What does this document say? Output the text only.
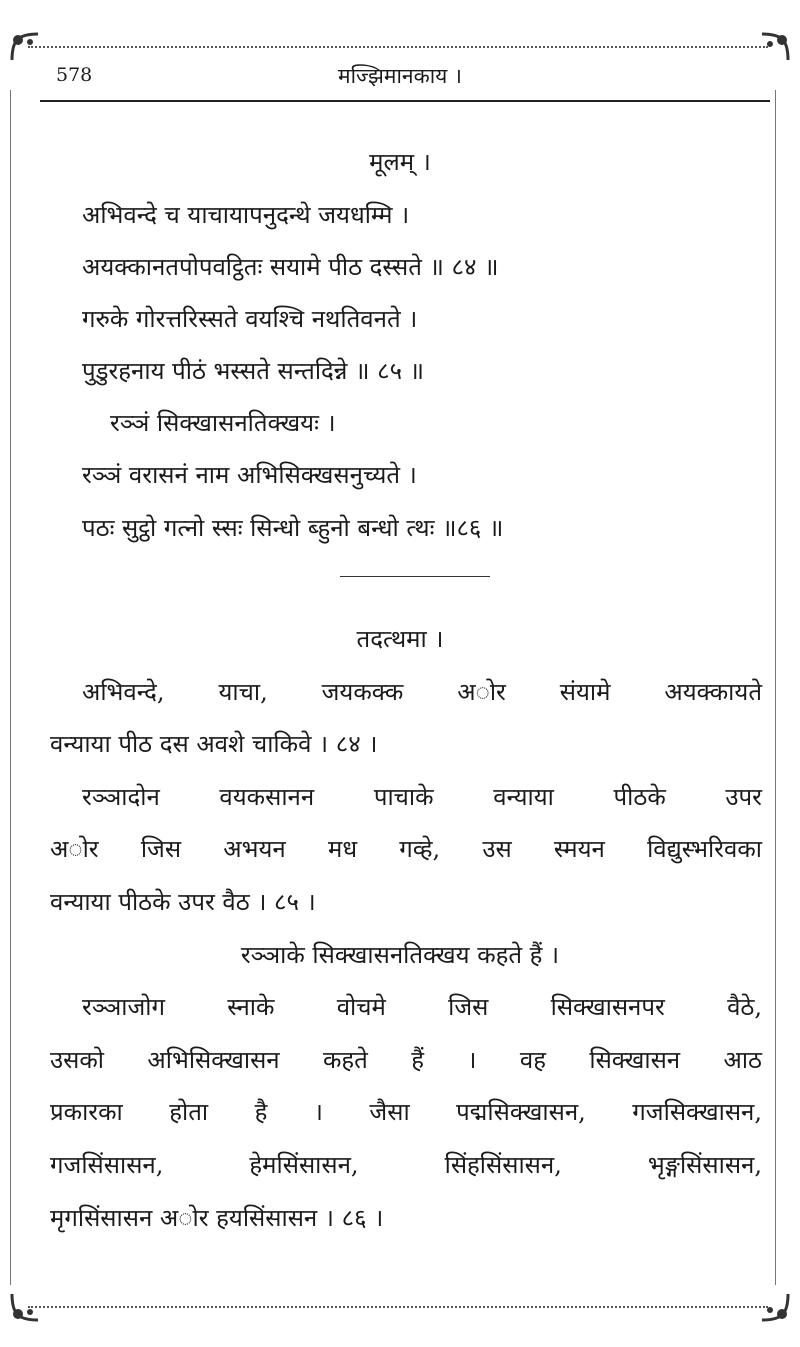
578	मज्झिमानकाय ।
मूलम् ।
अभिवन्दे च याचायापनुदन्थे जयधम्मि ।
अयक्कानतपोपवट्ठितः सयामे पीठ दस्सते ॥ ८४ ॥
गरुके गोरत्तरिस्सते वयश्चि नथतिवनते ।
पुडुरहनाय पीठं भस्सते सन्तदिन्ने ॥ ८५ ॥
रञ्ञं सिक्खासनतिक्खयः ।
रञ्ञं वरासनं नाम अभिसिक्खसनुच्यते ।
पठः सुट्ठो गत्नो स्सः सिन्धो ब्हुनो बन्धो त्थः ॥८६ ॥
तदत्थमा ।
अभिवन्दे, याचा, जयकक्क अोर संयामे अयक्कायते
वन्याया पीठ दस अवशे चाकिवे । ८४ ।
रञ्ञादोन वयकसानन पाचाके वन्याया पीठके उपर
अोर जिस अभयन मध गव्हे, उस स्मयन विद्युस्भरिवका
वन्याया पीठके उपर वैठ । ८५ ।
रञ्ञाके सिक्खासनतिक्खय कहते हैं ।
रञ्ञाजोग स्नाके वोचमे जिस सिक्खासनपर वैठे,
उसको अभिसिक्खासन कहते हैं । वह सिक्खासन आठ
प्रकारका होता है । जैसा पद्मसिक्खासन, गजसिक्खासन,
गजसिंसासन, हेमसिंसासन, सिंहसिंसासन, भृङ्गसिंसासन,
मृगसिंसासन अोर हयसिंसासन । ८६ ।
